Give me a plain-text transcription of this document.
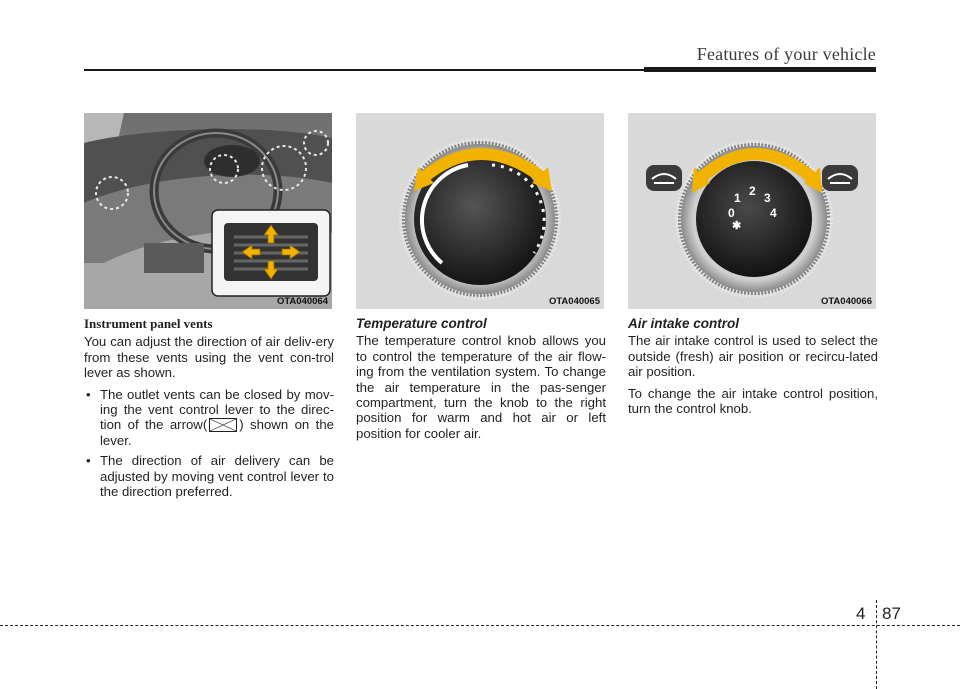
Features of your vehicle
OTA040064	OTA040065	OTA040066
0
1 2 3
4
✱

Instrument panel vents

You can adjust the direction of air deliv-ery from these vents using the vent con-trol lever as shown.

• The outlet vents can be closed by mov-ing the vent control lever to the direc-tion of the arrow( ) shown on the lever.

• The direction of air delivery can be adjusted by moving vent control lever to the direction preferred.

Temperature control

The temperature control knob allows you to control the temperature of the air flow-ing from the ventilation system. To change the air temperature in the pas-senger compartment, turn the knob to the right position for warm and hot air or left position for cooler air.

Air intake control

The air intake control is used to select the outside (fresh) air position or recircu-lated air position.

To change the air intake control position, turn the control knob.

4 87
